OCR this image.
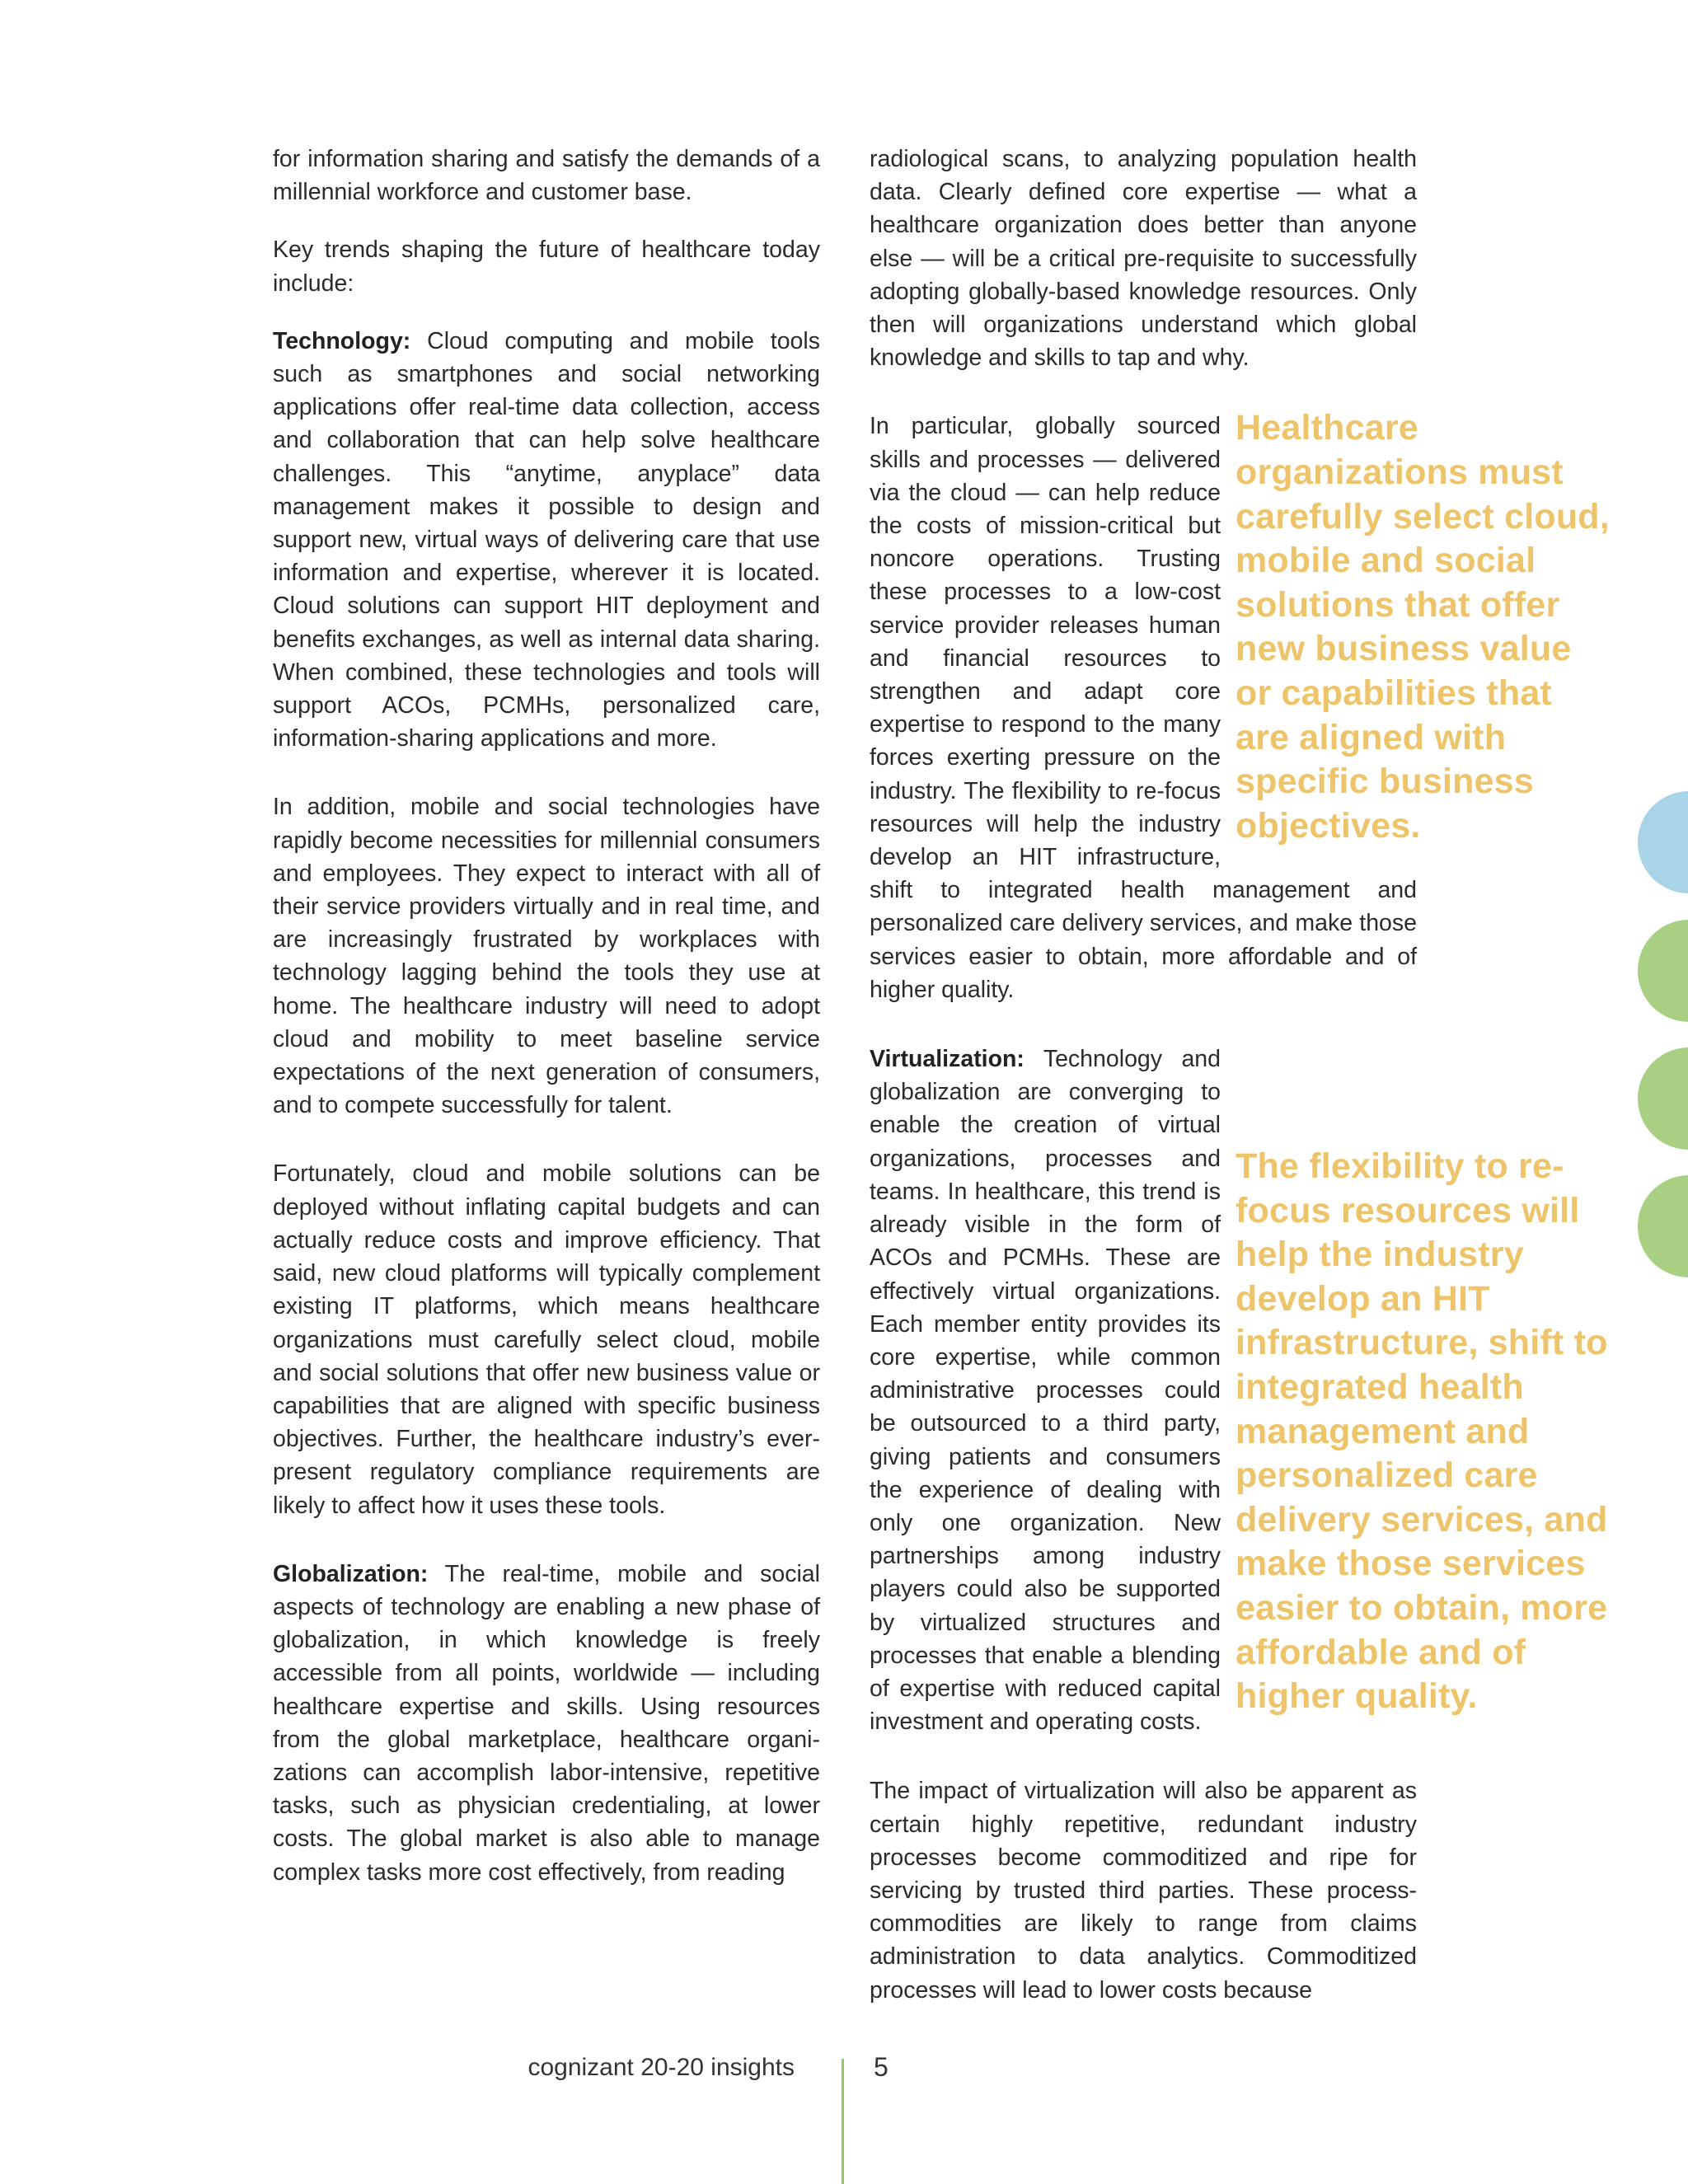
for information sharing and satisfy the demands of a millennial workforce and customer base.

Key trends shaping the future of healthcare today include:

Technology: Cloud computing and mobile tools such as smartphones and social networking applications offer real-time data collection, access and collaboration that can help solve healthcare challenges. This “anytime, anyplace” data management makes it possible to design and support new, virtual ways of delivering care that use information and expertise, wherever it is located. Cloud solutions can support HIT deployment and benefits exchanges, as well as internal data sharing. When combined, these technologies and tools will support ACOs, PCMHs, personalized care, information-sharing applications and more.

In addition, mobile and social technologies have rapidly become necessities for millennial consumers and employees. They expect to interact with all of their service providers virtually and in real time, and are increasingly frustrated by workplaces with technology lagging behind the tools they use at home. The healthcare industry will need to adopt cloud and mobility to meet baseline service expectations of the next generation of consumers, and to compete successfully for talent.

Fortunately, cloud and mobile solutions can be deployed without inflating capital budgets and can actually reduce costs and improve efficiency. That said, new cloud platforms will typically complement existing IT platforms, which means healthcare organizations must carefully select cloud, mobile and social solutions that offer new business value or capabilities that are aligned with specific business objectives. Further, the healthcare industry’s ever-present regulatory compliance requirements are likely to affect how it uses these tools.

Globalization: The real-time, mobile and social aspects of technology are enabling a new phase of globalization, in which knowledge is freely accessible from all points, worldwide — including healthcare expertise and skills. Using resources from the global marketplace, healthcare organizations can accomplish labor-intensive, repetitive tasks, such as physician credentialing, at lower costs. The global market is also able to manage complex tasks more cost effectively, from reading

radiological scans, to analyzing population health data. Clearly defined core expertise — what a healthcare organization does better than anyone else — will be a critical pre-requisite to successfully adopting globally-based knowledge resources. Only then will organizations understand which global knowledge and skills to tap and why.

Healthcare organizations must carefully select cloud, mobile and social solutions that offer new business value or capabilities that are aligned with specific business objectives.

In particular, globally sourced skills and processes — delivered via the cloud — can help reduce the costs of mission-critical but noncore operations. Trusting these processes to a low-cost service provider releases human and financial resources to strengthen and adapt core expertise to respond to the many forces exerting pressure on the industry. The flexibility to re-focus resources will help the industry develop an HIT infrastructure, shift to integrated health management and personalized care delivery services, and make those services easier to obtain, more affordable and of higher quality.

The flexibility to re-focus resources will help the industry develop an HIT infrastructure, shift to integrated health management and personalized care delivery services, and make those services easier to obtain, more affordable and of higher quality.
Virtualization: Technology and globalization are converging to enable the creation of virtual organizations, processes and teams. In healthcare, this trend is already visible in the form of ACOs and PCMHs. These are effectively virtual organizations. Each member entity provides its core expertise, while common administrative processes could be outsourced to a third party, giving patients and consumers the experience of dealing with only one organization. New partnerships among industry players could also be supported by virtualized structures and processes that enable a blending of expertise with reduced capital investment and operating costs.

The impact of virtualization will also be apparent as certain highly repetitive, redundant industry processes become commoditized and ripe for servicing by trusted third parties. These process-commodities are likely to range from claims administration to data analytics. Commoditized processes will lead to lower costs because

cognizant 20-20 insights	5
